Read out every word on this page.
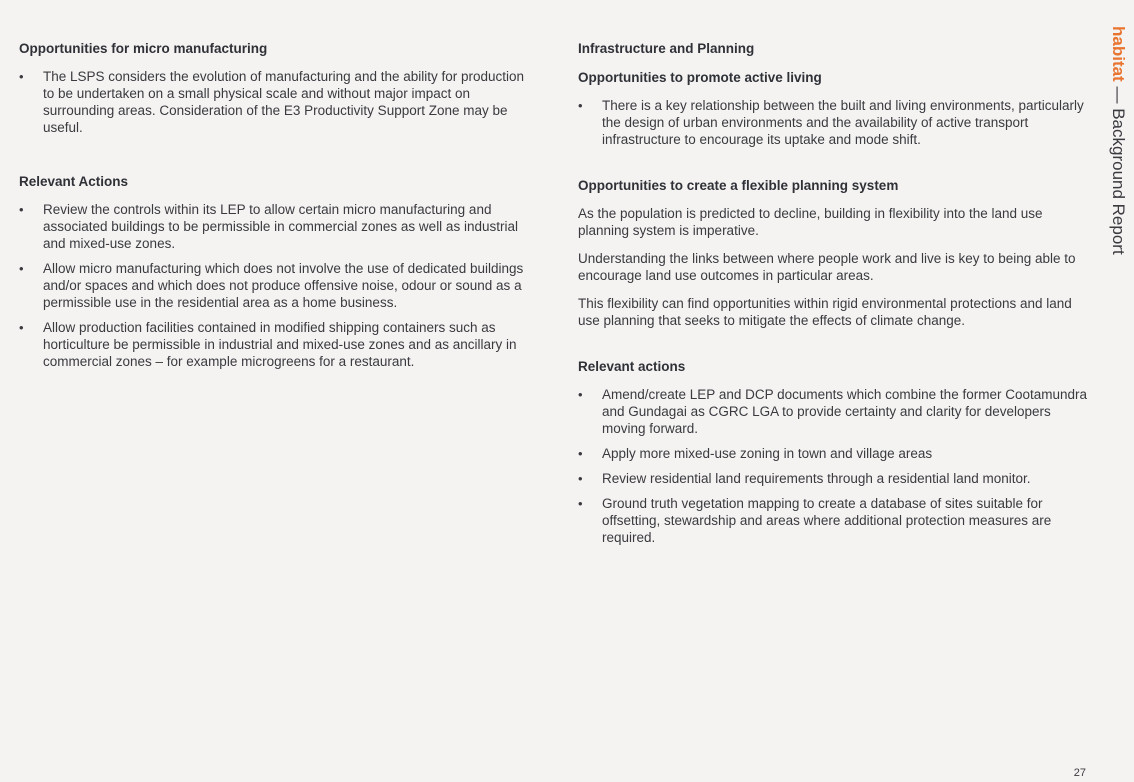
Opportunities for micro manufacturing
• The LSPS considers the evolution of manufacturing and the ability for production to be undertaken on a small physical scale and without major impact on surrounding areas. Consideration of the E3 Productivity Support Zone may be useful.
Relevant Actions
• Review the controls within its LEP to allow certain micro manufacturing and associated buildings to be permissible in commercial zones as well as industrial and mixed-use zones.
• Allow micro manufacturing which does not involve the use of dedicated buildings and/or spaces and which does not produce offensive noise, odour or sound as a permissible use in the residential area as a home business.
• Allow production facilities contained in modified shipping containers such as horticulture be permissible in industrial and mixed-use zones and as ancillary in commercial zones – for example microgreens for a restaurant.
Infrastructure and Planning
Opportunities to promote active living
• There is a key relationship between the built and living environments, particularly the design of urban environments and the availability of active transport infrastructure to encourage its uptake and mode shift.
Opportunities to create a flexible planning system

As the population is predicted to decline, building in flexibility into the land use planning system is imperative.

Understanding the links between where people work and live is key to being able to encourage land use outcomes in particular areas.

This flexibility can find opportunities within rigid environmental protections and land use planning that seeks to mitigate the effects of climate change.

Relevant actions
• Amend/create LEP and DCP documents which combine the former Cootamundra and Gundagai as CGRC LGA to provide certainty and clarity for developers moving forward.
• Apply more mixed-use zoning in town and village areas
• Review residential land requirements through a residential land monitor.
• Ground truth vegetation mapping to create a database of sites suitable for offsetting, stewardship and areas where additional protection measures are required.
habitat — Background Report
27
